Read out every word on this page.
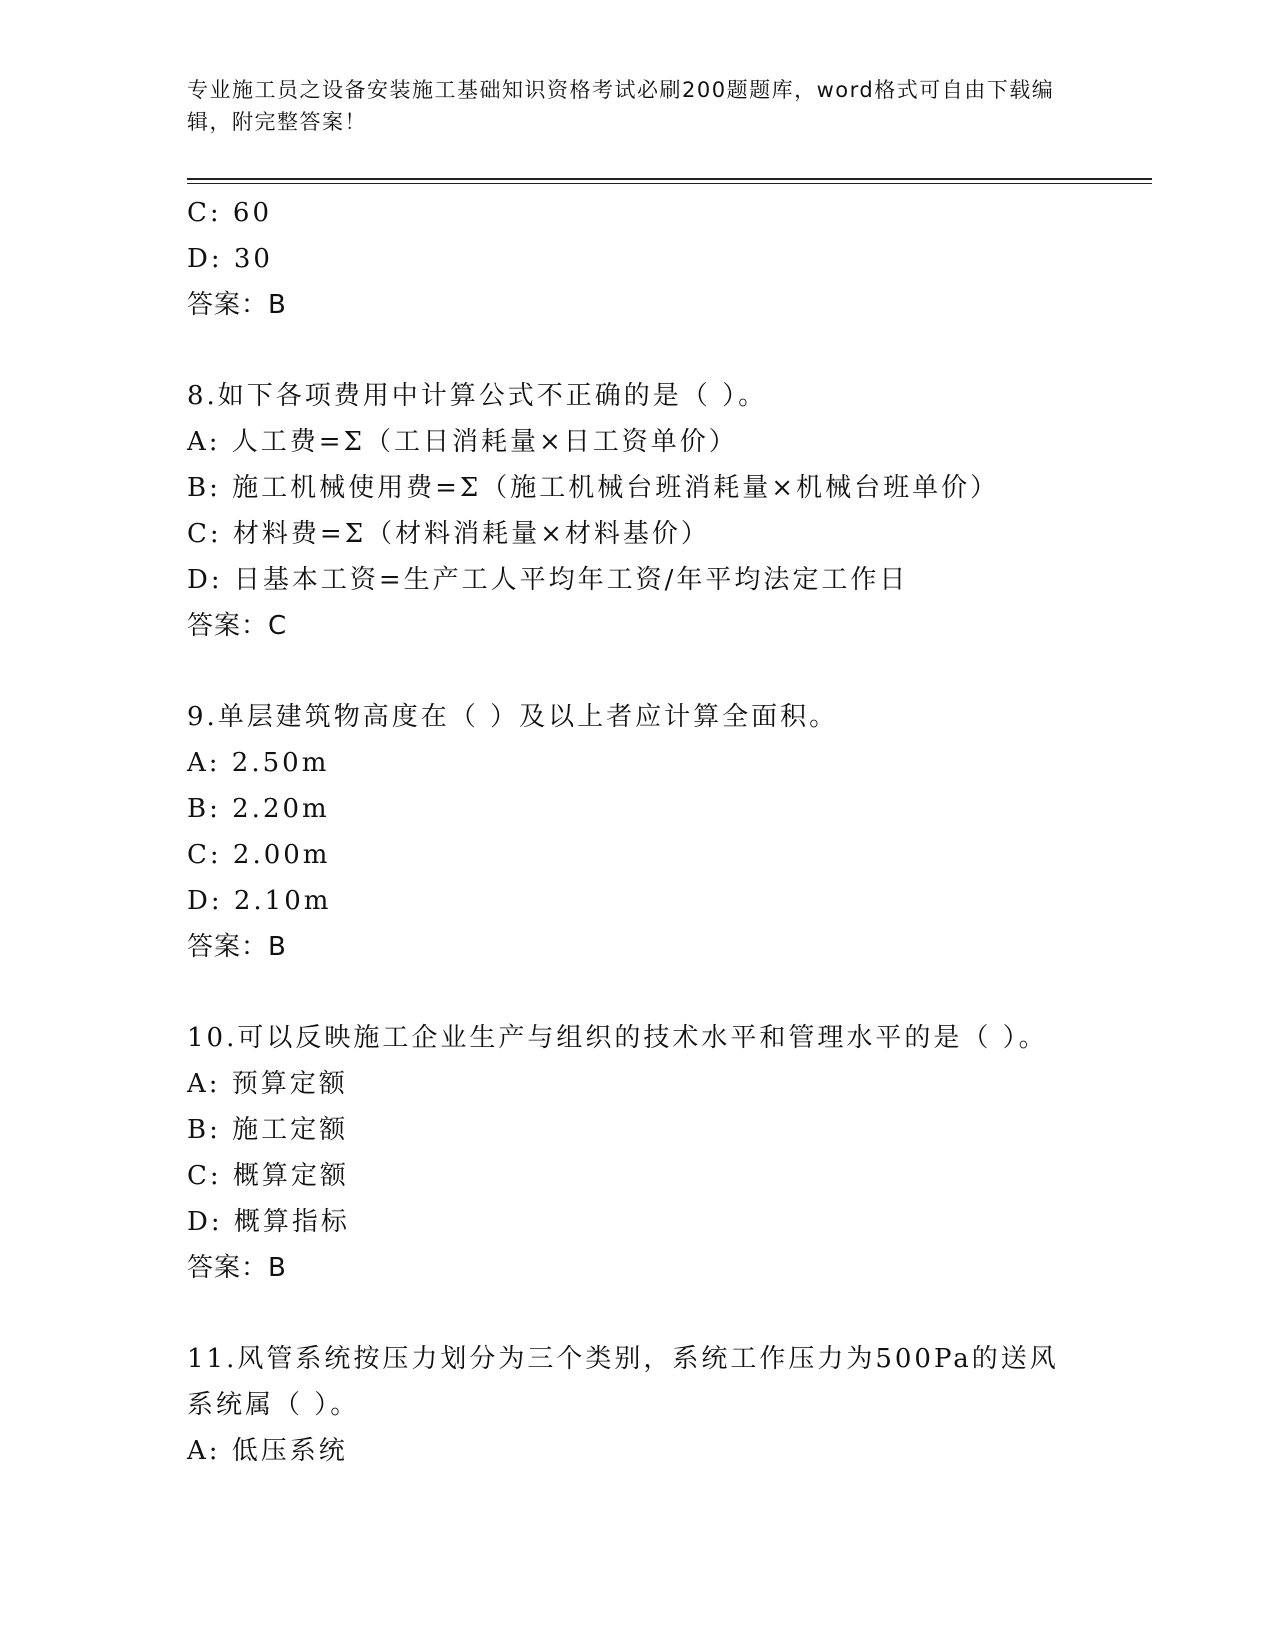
专业施工员之设备安装施工基础知识资格考试必刷200题题库，word格式可自由下载编辑，附完整答案！
C: 60
D: 30
答案：B
8.如下各项费用中计算公式不正确的是（ ）。
A: 人工费=Σ（工日消耗量×日工资单价）
B: 施工机械使用费=Σ（施工机械台班消耗量×机械台班单价）
C: 材料费=Σ（材料消耗量×材料基价）
D: 日基本工资=生产工人平均年工资/年平均法定工作日
答案：C
9.单层建筑物高度在（ ）及以上者应计算全面积。
A: 2.50m
B: 2.20m
C: 2.00m
D: 2.10m
答案：B
10.可以反映施工企业生产与组织的技术水平和管理水平的是（ ）。
A: 预算定额
B: 施工定额
C: 概算定额
D: 概算指标
答案：B
11.风管系统按压力划分为三个类别，系统工作压力为500Pa的送风系统属（ ）。
A: 低压系统
